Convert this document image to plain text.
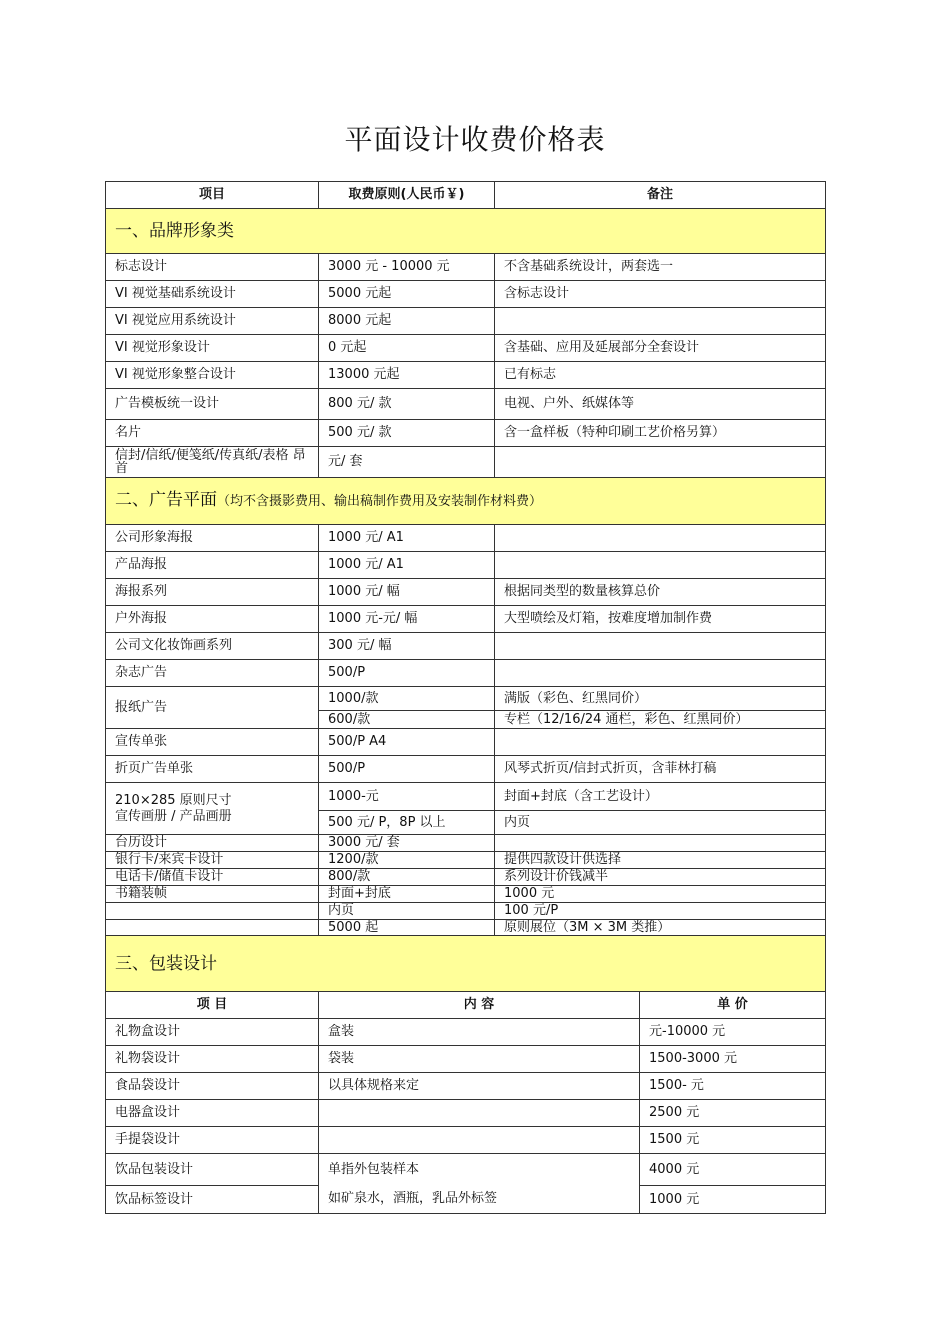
平面设计收费价格表
项目	取费原则(人民币￥)	备注
一、品牌形象类		
标志设计	3000 元 - 10000 元	不含基础系统设计，两套选一
VI 视觉基础系统设计	5000 元起	含标志设计
VI 视觉应用系统设计	8000 元起	
VI 视觉形象设计	0 元起	含基础、应用及延展部分全套设计
VI 视觉形象整合设计	13000 元起	已有标志
广告模板统一设计	800 元/ 款	电视、户外、纸媒体等
名片	500 元/ 款	含一盒样板（特种印刷工艺价格另算）
信封/信纸/便笺纸/传真纸/表格 昂首	元/ 套	
二、广告平面（均不含摄影费用、输出稿制作费用及安装制作材料费）		
公司形象海报	1000 元/ A1	
产品海报	1000 元/ A1	
海报系列	1000 元/ 幅	根据同类型的数量核算总价
户外海报	1000 元-元/ 幅	大型喷绘及灯箱，按难度增加制作费
公司文化妆饰画系列	300 元/ 幅	
杂志广告	500/P	
报纸广告	1000/款	满版（彩色、红黑同价）
	600/款	专栏（12/16/24 通栏，彩色、红黑同价）
宣传单张	500/P A4	
折页广告单张	500/P	风琴式折页/信封式折页，含菲林打稿

210×285 原则尺寸
宣传画册 / 产品画册	1000-元	封面+封底（含工艺设计）
	500 元/ P，8P 以上	内页
台历设计	3000 元/ 套	
银行卡/来宾卡设计	1200/款	提供四款设计供选择
电话卡/储值卡设计	800/款	系列设计价钱减半
书籍装帧	封面+封底	1000 元
	内页	100 元/P
	5000 起	原则展位（3M × 3M 类推）
三、包装设计		
项 目	内 容	单 价
礼物盒设计	盒装	元-10000 元
礼物袋设计	袋装	1500-3000 元
食品袋设计	以具体规格来定	1500- 元
电器盒设计		2500 元
手提袋设计		1500 元
饮品包装设计	单指外包装样本	4000 元
饮品标签设计	如矿泉水，酒瓶，乳品外标签	1000 元
